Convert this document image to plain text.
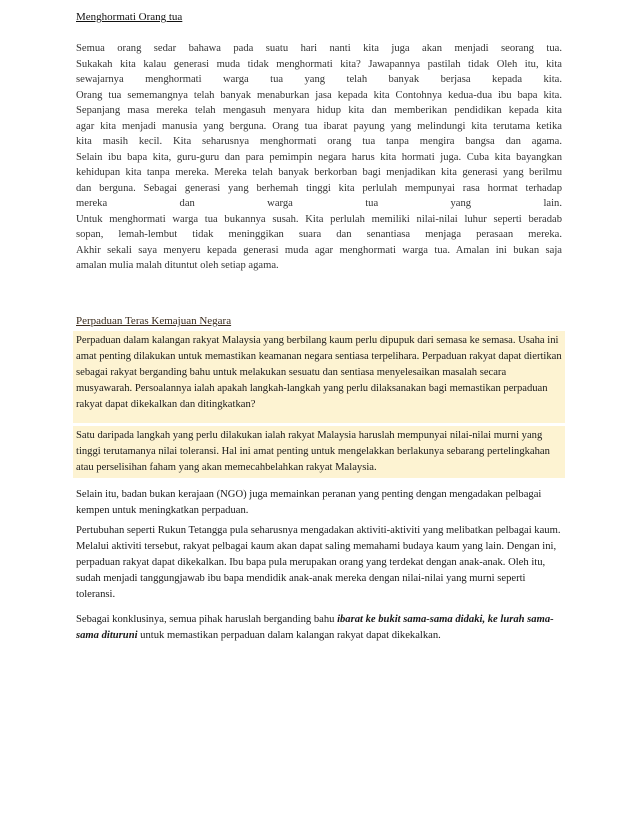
Menghormati Orang tua
Semua orang sedar bahawa pada suatu hari nanti kita juga akan menjadi seorang tua.
Sukakah kita kalau generasi muda tidak menghormati kita? Jawapannya pastilah tidak Oleh itu, kita
sewajarnya menghormati warga tua yang telah banyak berjasa kepada kita.
Orang tua sememangnya telah banyak menaburkan jasa kepada kita Contohnya kedua-dua ibu bapa kita.
Sepanjang masa mereka telah mengasuh menyara hidup kita dan memberikan pendidikan kepada kita
agar kita menjadi manusia yang berguna. Orang tua ibarat payung yang melindungi kita terutama ketika
kita masih kecil. Kita seharusnya menghormati orang tua tanpa mengira bangsa dan agama.
Selain ibu bapa kita, guru-guru dan para pemimpin negara harus kita hormati juga. Cuba kita bayangkan
kehidupan kita tanpa mereka. Mereka telah banyak berkorban bagi menjadikan kita generasi yang berilmu
dan berguna. Sebagai generasi yang berhemah tinggi kita perlulah mempunyai rasa hormat terhadap
mereka dan warga tua yang lain.
Untuk menghormati warga tua bukannya susah. Kita perlulah memiliki nilai-nilai luhur seperti beradab
sopan, lemah-lembut tidak meninggikan suara dan senantiasa menjaga perasaan mereka.
Akhir sekali saya menyeru kepada generasi muda agar menghormati warga tua. Amalan ini bukan saja
amalan mulia malah dituntut oleh setiap agama.
Perpaduan Teras Kemajuan Negara
Perpaduan dalam kalangan rakyat Malaysia yang berbilang kaum perlu dipupuk dari semasa ke semasa. Usaha ini amat penting dilakukan untuk memastikan keamanan negara sentiasa terpelihara. Perpaduan rakyat dapat diertikan sebagai rakyat berganding bahu untuk melakukan sesuatu dan sentiasa menyelesaikan masalah secara musyawarah. Persoalannya ialah apakah langkah-langkah yang perlu dilaksanakan bagi memastikan perpaduan rakyat dapat dikekalkan dan ditingkatkan?
Satu daripada langkah yang perlu dilakukan ialah rakyat Malaysia haruslah mempunyai nilai-nilai murni yang tinggi terutamanya nilai toleransi. Hal ini amat penting untuk mengelakkan berlakunya sebarang pertelingkahan atau perselisihan faham yang akan memecahbelahkan rakyat Malaysia.
Selain itu, badan bukan kerajaan (NGO) juga memainkan peranan yang penting dengan mengadakan pelbagai kempen untuk meningkatkan perpaduan.
Pertubuhan seperti Rukun Tetangga pula seharusnya mengadakan aktiviti-aktiviti yang melibatkan pelbagai kaum. Melalui aktiviti tersebut, rakyat pelbagai kaum akan dapat saling memahami budaya kaum yang lain. Dengan ini, perpaduan rakyat dapat dikekalkan. Ibu bapa pula merupakan orang yang terdekat dengan anak-anak. Oleh itu, sudah menjadi tanggungjawab ibu bapa mendidik anak-anak mereka dengan nilai-nilai yang murni seperti toleransi.
Sebagai konklusinya, semua pihak haruslah berganding bahu ibarat ke bukit sama-sama didaki, ke lurah sama-sama dituruni untuk memastikan perpaduan dalam kalangan rakyat dapat dikekalkan.
